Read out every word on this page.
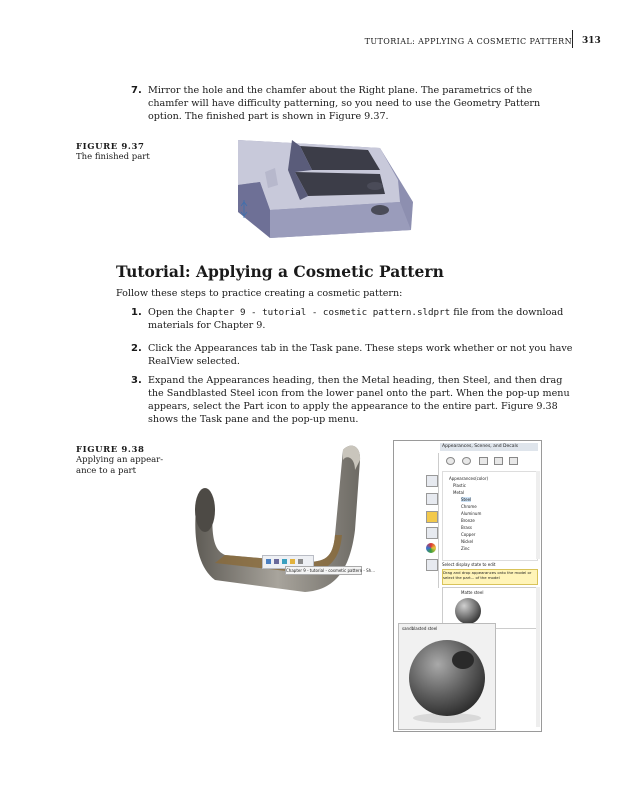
TUTORIAL: APPLYING A COSMETIC PATTERN 313
7. Mirror the hole and the chamfer about the Right plane. The parametrics of the chamfer will have difficulty patterning, so you need to use the Geometry Pattern option. The finished part is shown in Figure 9.37.
FIGURE 9.37
The finished part
Tutorial: Applying a Cosmetic Pattern
Follow these steps to practice creating a cosmetic pattern:
1. Open the Chapter 9 - tutorial - cosmetic pattern.sldprt file from the download materials for Chapter 9.
2. Click the Appearances tab in the Task pane. These steps work whether or not you have RealView selected.
3. Expand the Appearances heading, then the Metal heading, then Steel, and then drag the Sandblasted Steel icon from the lower panel onto the part. When the pop-up menu appears, select the Part icon to apply the appearance to the entire part. Figure 9.38 shows the Task pane and the pop-up menu.
FIGURE 9.38
Applying an appear-
ance to a part
Chapter 9 - tutorial - cosmetic pattern - Sh...
Appearances, Scenes, and Decals
Appearances(color)
Plastic
Metal
Steel
Chrome
Aluminum
Bronze
Brass
Copper
Nickel
Zinc
Select display state to edit
Drag and drop appearances onto the model or select the part... of the model
Matte steel
sandblasted steel
